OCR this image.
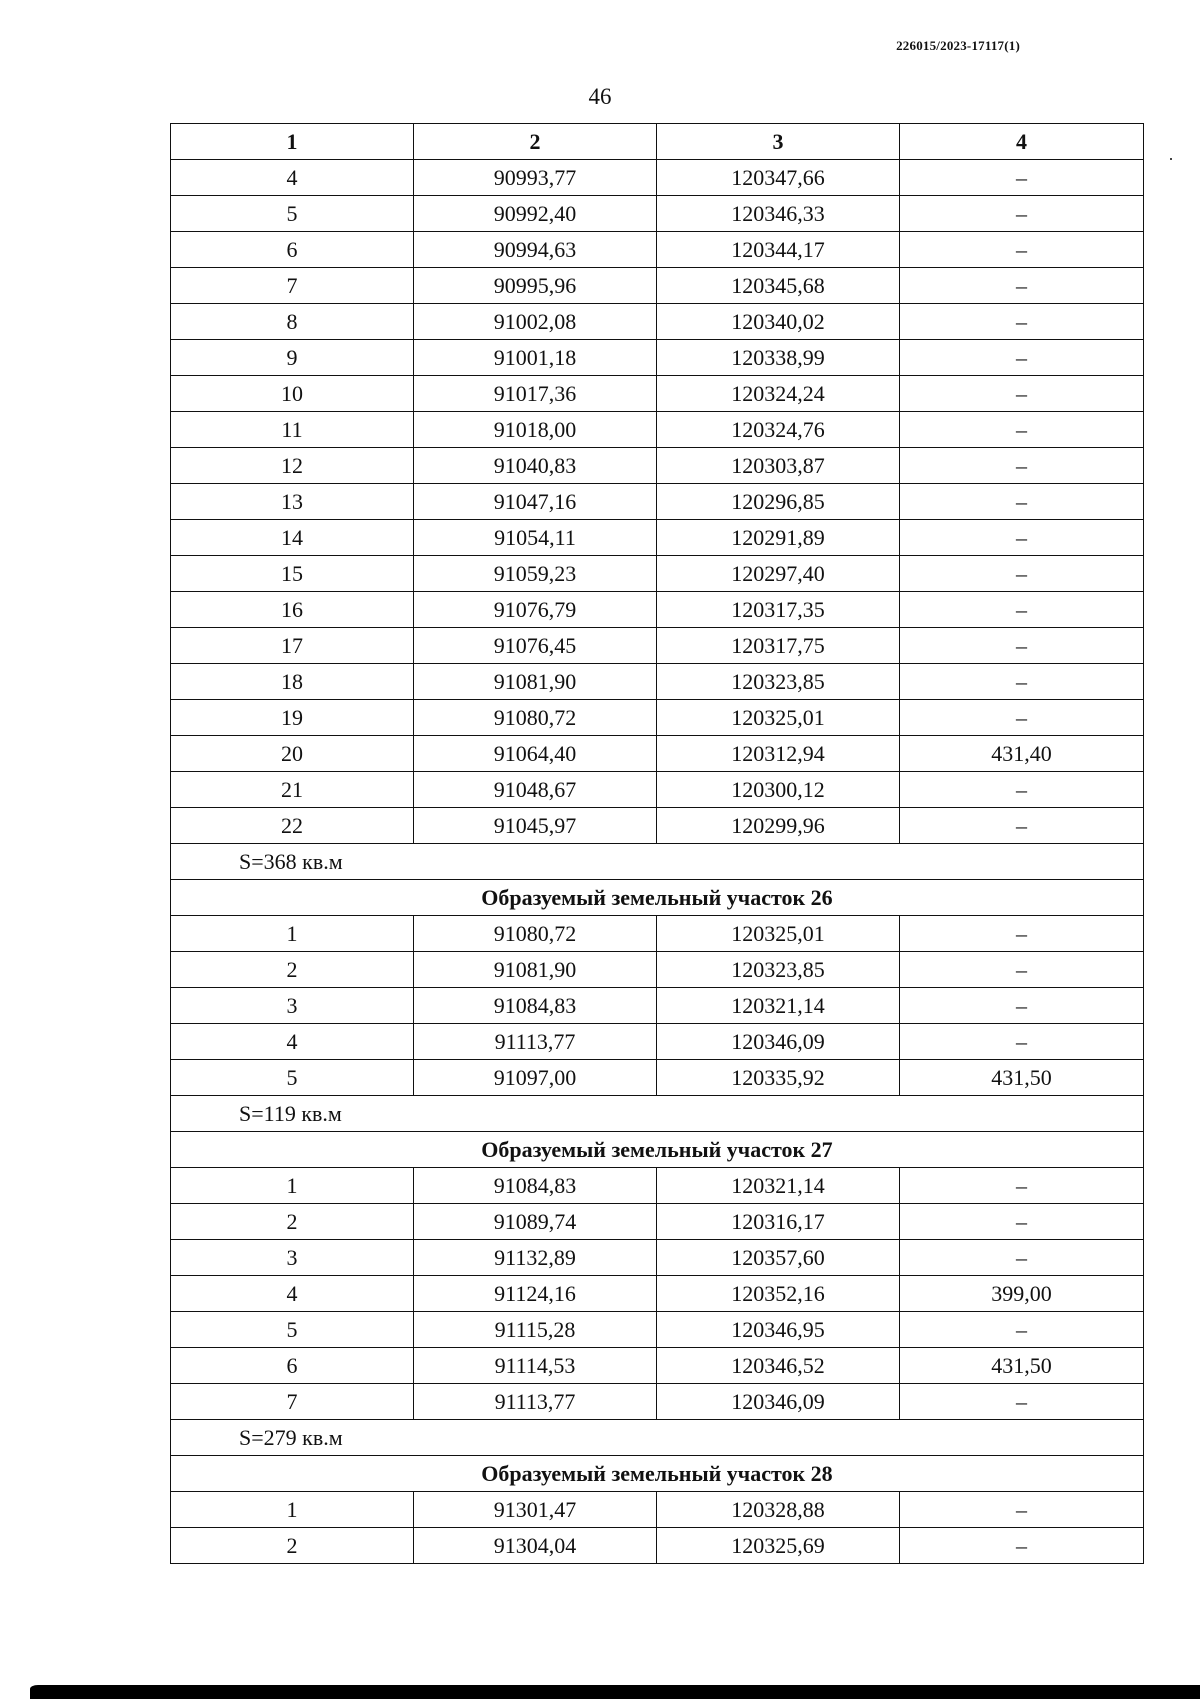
226015/2023-17117(1)
46
1	2	3	4
4	90993,77	120347,66	–
5	90992,40	120346,33	–
6	90994,63	120344,17	–
7	90995,96	120345,68	–
8	91002,08	120340,02	–
9	91001,18	120338,99	–
10	91017,36	120324,24	–
11	91018,00	120324,76	–
12	91040,83	120303,87	–
13	91047,16	120296,85	–
14	91054,11	120291,89	–
15	91059,23	120297,40	–
16	91076,79	120317,35	–
17	91076,45	120317,75	–
18	91081,90	120323,85	–
19	91080,72	120325,01	–
20	91064,40	120312,94	431,40
21	91048,67	120300,12	–
22	91045,97	120299,96	–
S=368 кв.м			
Образуемый земельный участок 26			
1	91080,72	120325,01	–
2	91081,90	120323,85	–
3	91084,83	120321,14	–
4	91113,77	120346,09	–
5	91097,00	120335,92	431,50
S=119 кв.м			
Образуемый земельный участок 27			
1	91084,83	120321,14	–
2	91089,74	120316,17	–
3	91132,89	120357,60	–
4	91124,16	120352,16	399,00
5	91115,28	120346,95	–
6	91114,53	120346,52	431,50
7	91113,77	120346,09	–
S=279 кв.м			
Образуемый земельный участок 28			
1	91301,47	120328,88	–
2	91304,04	120325,69	–
